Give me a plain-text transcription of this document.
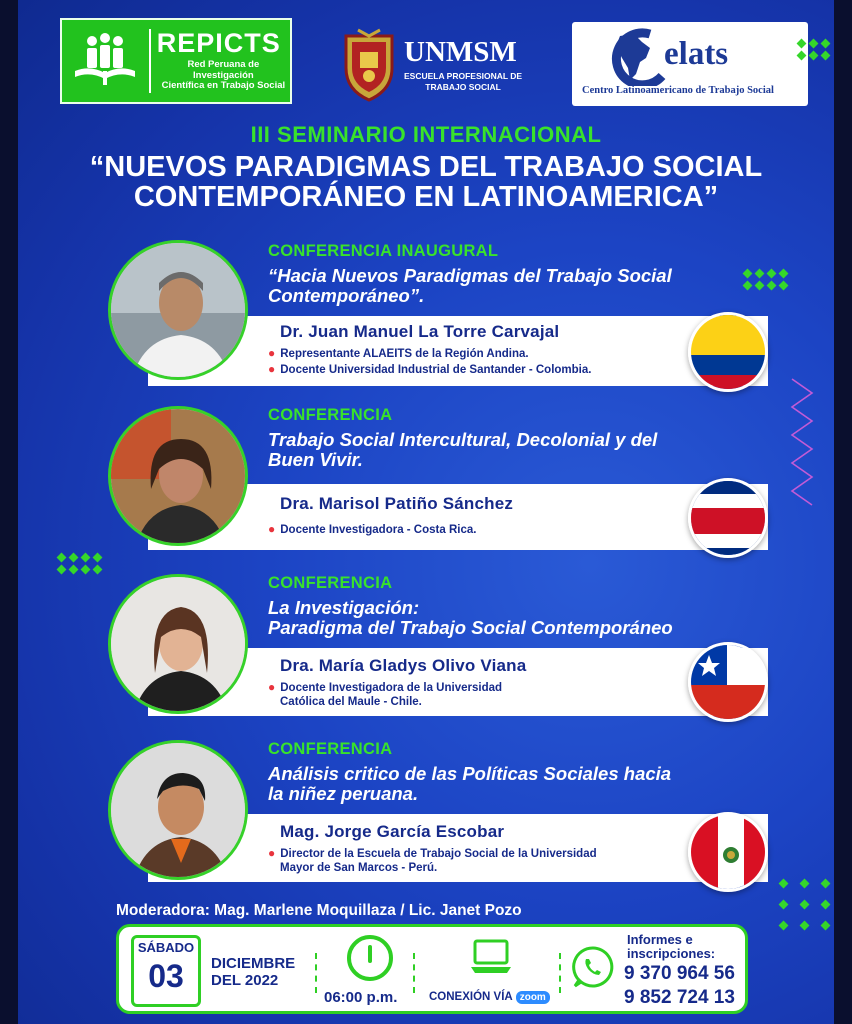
REPICTS
Red Peruana de Investigación
Científica en Trabajo Social
UNMSM
ESCUELA PROFESIONAL DE
TRABAJO SOCIAL
elats
Centro Latinoamericano de Trabajo Social
III SEMINARIO INTERNACIONAL
“NUEVOS PARADIGMAS DEL TRABAJO SOCIAL
CONTEMPORÁNEO EN LATINOAMERICA”
CONFERENCIA INAUGURAL
“Hacia Nuevos Paradigmas del Trabajo Social
Contemporáneo”.
Dr. Juan Manuel La Torre Carvajal
● Representante ALAEITS de la Región Andina.
● Docente Universidad Industrial de Santander - Colombia.
CONFERENCIA
Trabajo Social Intercultural, Decolonial y del
Buen Vivir.
Dra. Marisol Patiño Sánchez
● Docente Investigadora - Costa Rica.
CONFERENCIA
La Investigación:
Paradigma del Trabajo Social Contemporáneo
Dra. María Gladys Olivo Viana
● Docente Investigadora de la Universidad
Católica del Maule - Chile.
CONFERENCIA
Análisis critico de las Políticas Sociales hacia
la niñez peruana.
Mag. Jorge García Escobar
● Director de la Escuela de Trabajo Social de la Universidad
Mayor de San Marcos - Perú.
Moderadora: Mag. Marlene Moquillaza / Lic. Janet Pozo
SÁBADO
03	DICIEMBRE
DEL 2022
06:00 p.m.	CONEXIÓN VÍA zoom
Informes e
inscripciones:
9 370 964 56
9 852 724 13
